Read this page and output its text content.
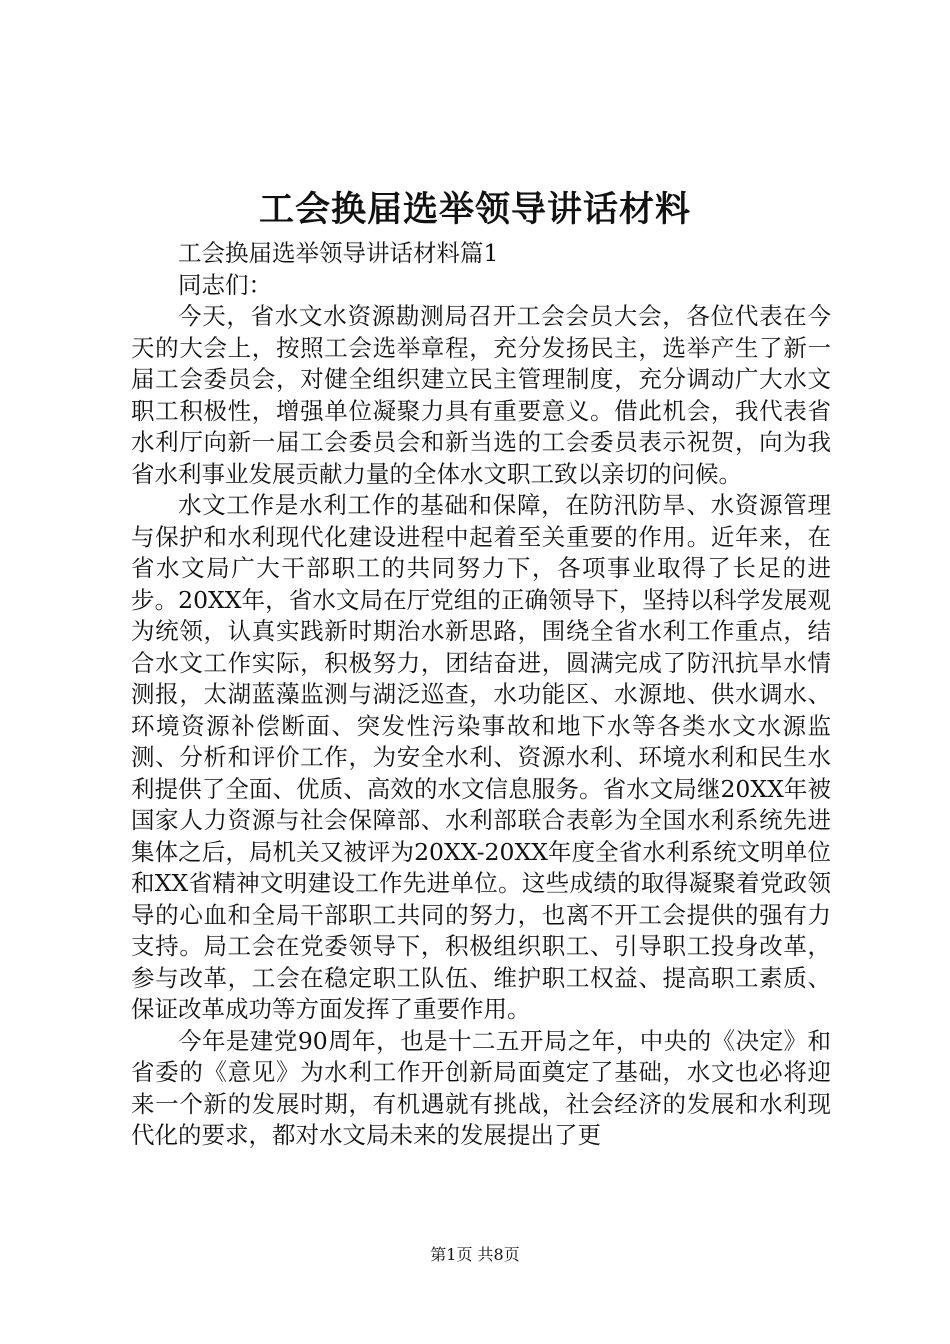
工会换届选举领导讲话材料

工会换届选举领导讲话材料篇1

同志们：

今天，省水文水资源勘测局召开工会会员大会，各位代表在今天的大会上，按照工会选举章程，充分发扬民主，选举产生了新一届工会委员会，对健全组织建立民主管理制度，充分调动广大水文职工积极性，增强单位凝聚力具有重要意义。借此机会，我代表省水利厅向新一届工会委员会和新当选的工会委员表示祝贺，向为我省水利事业发展贡献力量的全体水文职工致以亲切的问候。

水文工作是水利工作的基础和保障，在防汛防旱、水资源管理与保护和水利现代化建设进程中起着至关重要的作用。近年来，在省水文局广大干部职工的共同努力下，各项事业取得了长足的进步。20XX年，省水文局在厅党组的正确领导下，坚持以科学发展观为统领，认真实践新时期治水新思路，围绕全省水利工作重点，结合水文工作实际，积极努力，团结奋进，圆满完成了防汛抗旱水情测报，太湖蓝藻监测与湖泛巡查，水功能区、水源地、供水调水、环境资源补偿断面、突发性污染事故和地下水等各类水文水源监测、分析和评价工作，为安全水利、资源水利、环境水利和民生水利提供了全面、优质、高效的水文信息服务。省水文局继20XX年被国家人力资源与社会保障部、水利部联合表彰为全国水利系统先进集体之后，局机关又被评为20XX-20XX年度全省水利系统文明单位和XX省精神文明建设工作先进单位。这些成绩的取得凝聚着党政领导的心血和全局干部职工共同的努力，也离不开工会提供的强有力支持。局工会在党委领导下，积极组织职工、引导职工投身改革，参与改革，工会在稳定职工队伍、维护职工权益、提高职工素质、保证改革成功等方面发挥了重要作用。

今年是建党90周年，也是十二五开局之年，中央的《决定》和省委的《意见》为水利工作开创新局面奠定了基础，水文也必将迎来一个新的发展时期，有机遇就有挑战，社会经济的发展和水利现代化的要求，都对水文局未来的发展提出了更

第1页 共8页
